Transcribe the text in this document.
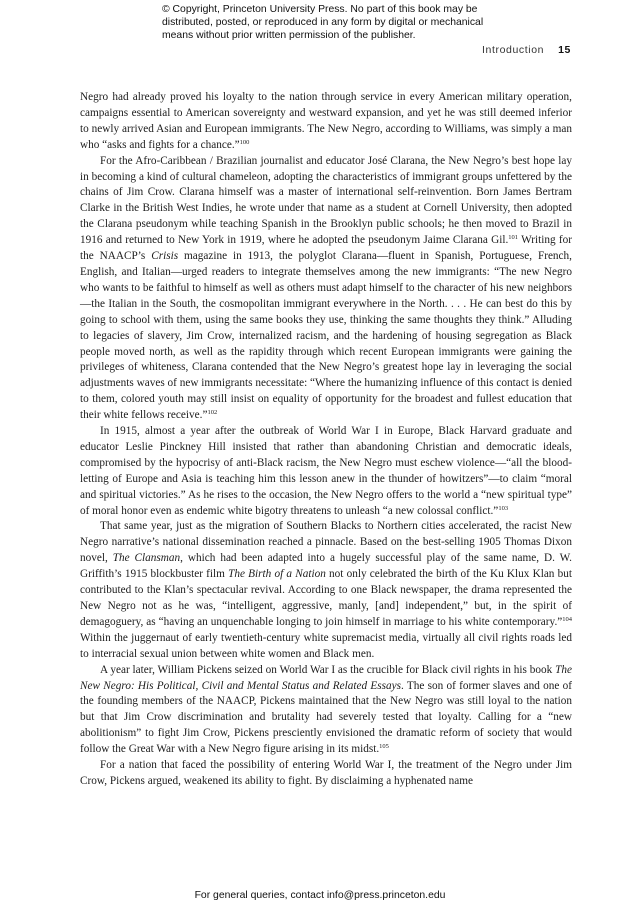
© Copyright, Princeton University Press. No part of this book may be distributed, posted, or reproduced in any form by digital or mechanical means without prior written permission of the publisher.
Introduction 15

Negro had already proved his loyalty to the nation through service in every American military operation, campaigns essential to American sovereignty and westward expansion, and yet he was still deemed inferior to newly arrived Asian and European immigrants. The New Negro, according to Williams, was simply a man who “asks and fights for a chance.”$^{100}$

For the Afro-Caribbean / Brazilian journalist and educator José Clarana, the New Negro’s best hope lay in becoming a kind of cultural chameleon, adopting the characteristics of immigrant groups unfettered by the chains of Jim Crow. Clarana himself was a master of international self-reinvention. Born James Bertram Clarke in the British West Indies, he wrote under that name as a student at Cornell University, then adopted the Clarana pseudonym while teaching Spanish in the Brooklyn public schools; he then moved to Brazil in 1916 and returned to New York in 1919, where he adopted the pseudonym Jaime Clarana Gil.$^{101}$ Writing for the NAACP’s Crisis magazine in 1913, the polyglot Clarana—fluent in Spanish, Portuguese, French, English, and Italian—urged readers to integrate themselves among the new immigrants: “The new Negro who wants to be faithful to himself as well as others must adapt himself to the character of his new neighbors—the Italian in the South, the cosmopolitan immigrant everywhere in the North. . . . He can best do this by going to school with them, using the same books they use, thinking the same thoughts they think.” Alluding to legacies of slavery, Jim Crow, internalized racism, and the hardening of housing segregation as Black people moved north, as well as the rapidity through which recent European immigrants were gaining the privileges of whiteness, Clarana contended that the New Negro’s greatest hope lay in leveraging the social adjustments waves of new immigrants necessitate: “Where the humanizing influence of this contact is denied to them, colored youth may still insist on equality of opportunity for the broadest and fullest education that their white fellows receive.”$^{102}$

In 1915, almost a year after the outbreak of World War I in Europe, Black Harvard graduate and educator Leslie Pinckney Hill insisted that rather than abandoning Christian and democratic ideals, compromised by the hypocrisy of anti-Black racism, the New Negro must eschew violence—“all the blood-letting of Europe and Asia is teaching him this lesson anew in the thunder of howitzers”—to claim “moral and spiritual victories.” As he rises to the occasion, the New Negro offers to the world a “new spiritual type” of moral honor even as endemic white bigotry threatens to unleash “a new colossal conflict.”$^{103}$

That same year, just as the migration of Southern Blacks to Northern cities accelerated, the racist New Negro narrative’s national dissemination reached a pinnacle. Based on the best-selling 1905 Thomas Dixon novel, The Clansman, which had been adapted into a hugely successful play of the same name, D. W. Griffith’s 1915 blockbuster film The Birth of a Nation not only celebrated the birth of the Ku Klux Klan but contributed to the Klan’s spectacular revival. According to one Black newspaper, the drama represented the New Negro not as he was, “intelligent, aggressive, manly, [and] independent,” but, in the spirit of demagoguery, as “having an unquenchable longing to join himself in marriage to his white contemporary.”$^{104}$ Within the juggernaut of early twentieth-century white supremacist media, virtually all civil rights roads led to interracial sexual union between white women and Black men.

A year later, William Pickens seized on World War I as the crucible for Black civil rights in his book The New Negro: His Political, Civil and Mental Status and Related Essays. The son of former slaves and one of the founding members of the NAACP, Pickens maintained that the New Negro was still loyal to the nation but that Jim Crow discrimination and brutality had severely tested that loyalty. Calling for a “new abolitionism” to fight Jim Crow, Pickens presciently envisioned the dramatic reform of society that would follow the Great War with a New Negro figure arising in its midst.$^{105}$

For a nation that faced the possibility of entering World War I, the treatment of the Negro under Jim Crow, Pickens argued, weakened its ability to fight. By disclaiming a hyphenated name

For general queries, contact info@press.princeton.edu
